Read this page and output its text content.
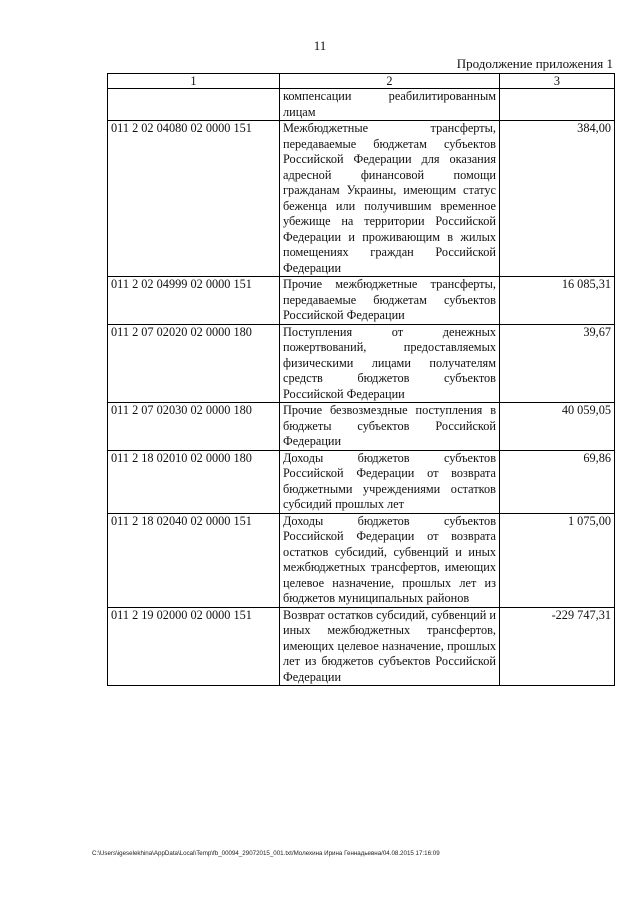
11
Продолжение приложения 1
1	2	3
	компенсации реабилитированным лицам	
011 2 02 04080 02 0000 151	Межбюджетные трансферты, передаваемые бюджетам субъектов Российской Федерации для оказания адресной финансовой помощи гражданам Украины, имеющим статус беженца или получившим временное убежище на территории Российской Федерации и проживающим в жилых помещениях граждан Российской Федерации	384,00
011 2 02 04999 02 0000 151	Прочие межбюджетные трансферты, передаваемые бюджетам субъектов Российской Федерации	16 085,31
011 2 07 02020 02 0000 180	Поступления от денежных пожертвований, предоставляемых физическими лицами получателям средств бюджетов субъектов Российской Федерации	39,67
011 2 07 02030 02 0000 180	Прочие безвозмездные поступления в бюджеты субъектов Российской Федерации	40 059,05
011 2 18 02010 02 0000 180	Доходы бюджетов субъектов Российской Федерации от возврата бюджетными учреждениями остатков субсидий прошлых лет	69,86
011 2 18 02040 02 0000 151	Доходы бюджетов субъектов Российской Федерации от возврата остатков субсидий, субвенций и иных межбюджетных трансфертов, имеющих целевое назначение, прошлых лет из бюджетов муниципальных районов	1 075,00
011 2 19 02000 02 0000 151	Возврат остатков субсидий, субвенций и иных межбюджетных трансфертов, имеющих целевое назначение, прошлых лет из бюджетов субъектов Российской Федерации	-229 747,31
C:\Users\igeselekhina\AppData\Local\Temp\fb_00094_29072015_001.txt/Молехина Ирина Геннадьевна/04.08.2015 17:16:09
